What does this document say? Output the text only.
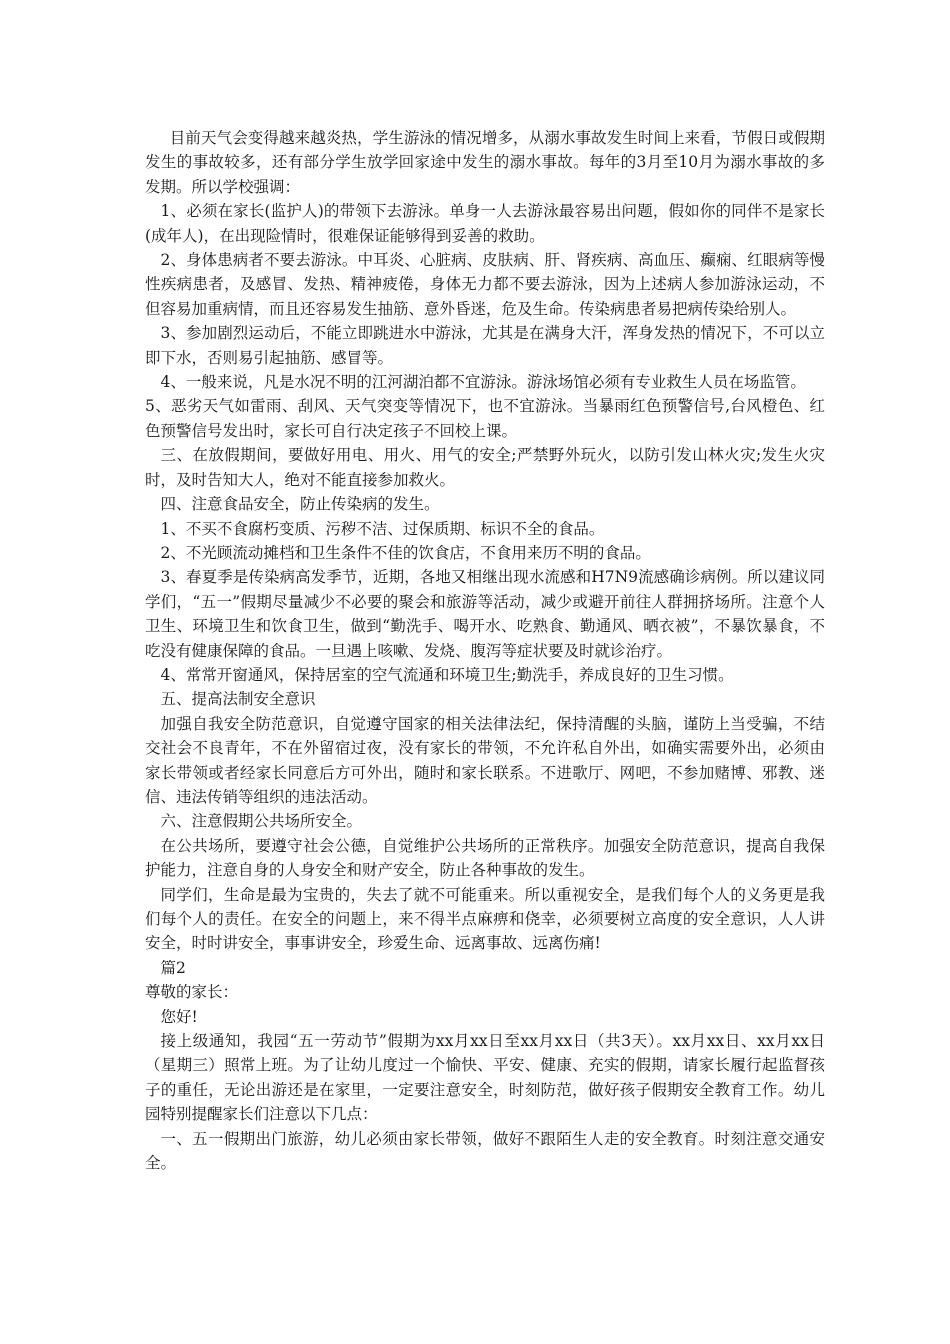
目前天气会变得越来越炎热，学生游泳的情况增多，从溺水事故发生时间上来看，节假日或假期发生的事故较多，还有部分学生放学回家途中发生的溺水事故。每年的3月至10月为溺水事故的多发期。所以学校强调：

1、必须在家长(监护人)的带领下去游泳。单身一人去游泳最容易出问题，假如你的同伴不是家长(成年人)，在出现险情时，很难保证能够得到妥善的救助。

2、身体患病者不要去游泳。中耳炎、心脏病、皮肤病、肝、肾疾病、高血压、癫痫、红眼病等慢性疾病患者，及感冒、发热、精神疲倦，身体无力都不要去游泳，因为上述病人参加游泳运动，不但容易加重病情，而且还容易发生抽筋、意外昏迷，危及生命。传染病患者易把病传染给别人。

3、参加剧烈运动后，不能立即跳进水中游泳，尤其是在满身大汗，浑身发热的情况下，不可以立即下水，否则易引起抽筋、感冒等。

4、一般来说，凡是水况不明的江河湖泊都不宜游泳。游泳场馆必须有专业救生人员在场监管。

5、恶劣天气如雷雨、刮风、天气突变等情况下，也不宜游泳。当暴雨红色预警信号,台风橙色、红色预警信号发出时，家长可自行决定孩子不回校上课。

三、在放假期间，要做好用电、用火、用气的安全;严禁野外玩火，以防引发山林火灾;发生火灾时，及时告知大人，绝对不能直接参加救火。

四、注意食品安全，防止传染病的发生。

1、不买不食腐朽变质、污秽不洁、过保质期、标识不全的食品。

2、不光顾流动摊档和卫生条件不佳的饮食店，不食用来历不明的食品。

3、春夏季是传染病高发季节，近期，各地又相继出现水流感和H7N9流感确诊病例。所以建议同学们，“五一”假期尽量减少不必要的聚会和旅游等活动，减少或避开前往人群拥挤场所。注意个人卫生、环境卫生和饮食卫生，做到“勤洗手、喝开水、吃熟食、勤通风、晒衣被”，不暴饮暴食，不吃没有健康保障的食品。一旦遇上咳嗽、发烧、腹泻等症状要及时就诊治疗。

4、常常开窗通风，保持居室的空气流通和环境卫生;勤洗手，养成良好的卫生习惯。

五、提高法制安全意识

加强自我安全防范意识，自觉遵守国家的相关法律法纪，保持清醒的头脑，谨防上当受骗，不结交社会不良青年，不在外留宿过夜，没有家长的带领，不允许私自外出，如确实需要外出，必须由家长带领或者经家长同意后方可外出，随时和家长联系。不进歌厅、网吧，不参加赌博、邪教、迷信、违法传销等组织的违法活动。

六、注意假期公共场所安全。

在公共场所，要遵守社会公德，自觉维护公共场所的正常秩序。加强安全防范意识，提高自我保护能力，注意自身的人身安全和财产安全，防止各种事故的发生。

同学们，生命是最为宝贵的，失去了就不可能重来。所以重视安全，是我们每个人的义务更是我们每个人的责任。在安全的问题上，来不得半点麻痹和侥幸，必须要树立高度的安全意识，人人讲安全，时时讲安全，事事讲安全，珍爱生命、远离事故、远离伤痛!

篇2

尊敬的家长：

您好!

接上级通知，我园“五一劳动节”假期为xx月xx日至xx月xx日（共3天）。xx月xx日、xx月xx日（星期三）照常上班。为了让幼儿度过一个愉快、平安、健康、充实的假期，请家长履行起监督孩子的重任，无论出游还是在家里，一定要注意安全，时刻防范，做好孩子假期安全教育工作。幼儿园特别提醒家长们注意以下几点：

一、五一假期出门旅游，幼儿必须由家长带领，做好不跟陌生人走的安全教育。时刻注意交通安全。
